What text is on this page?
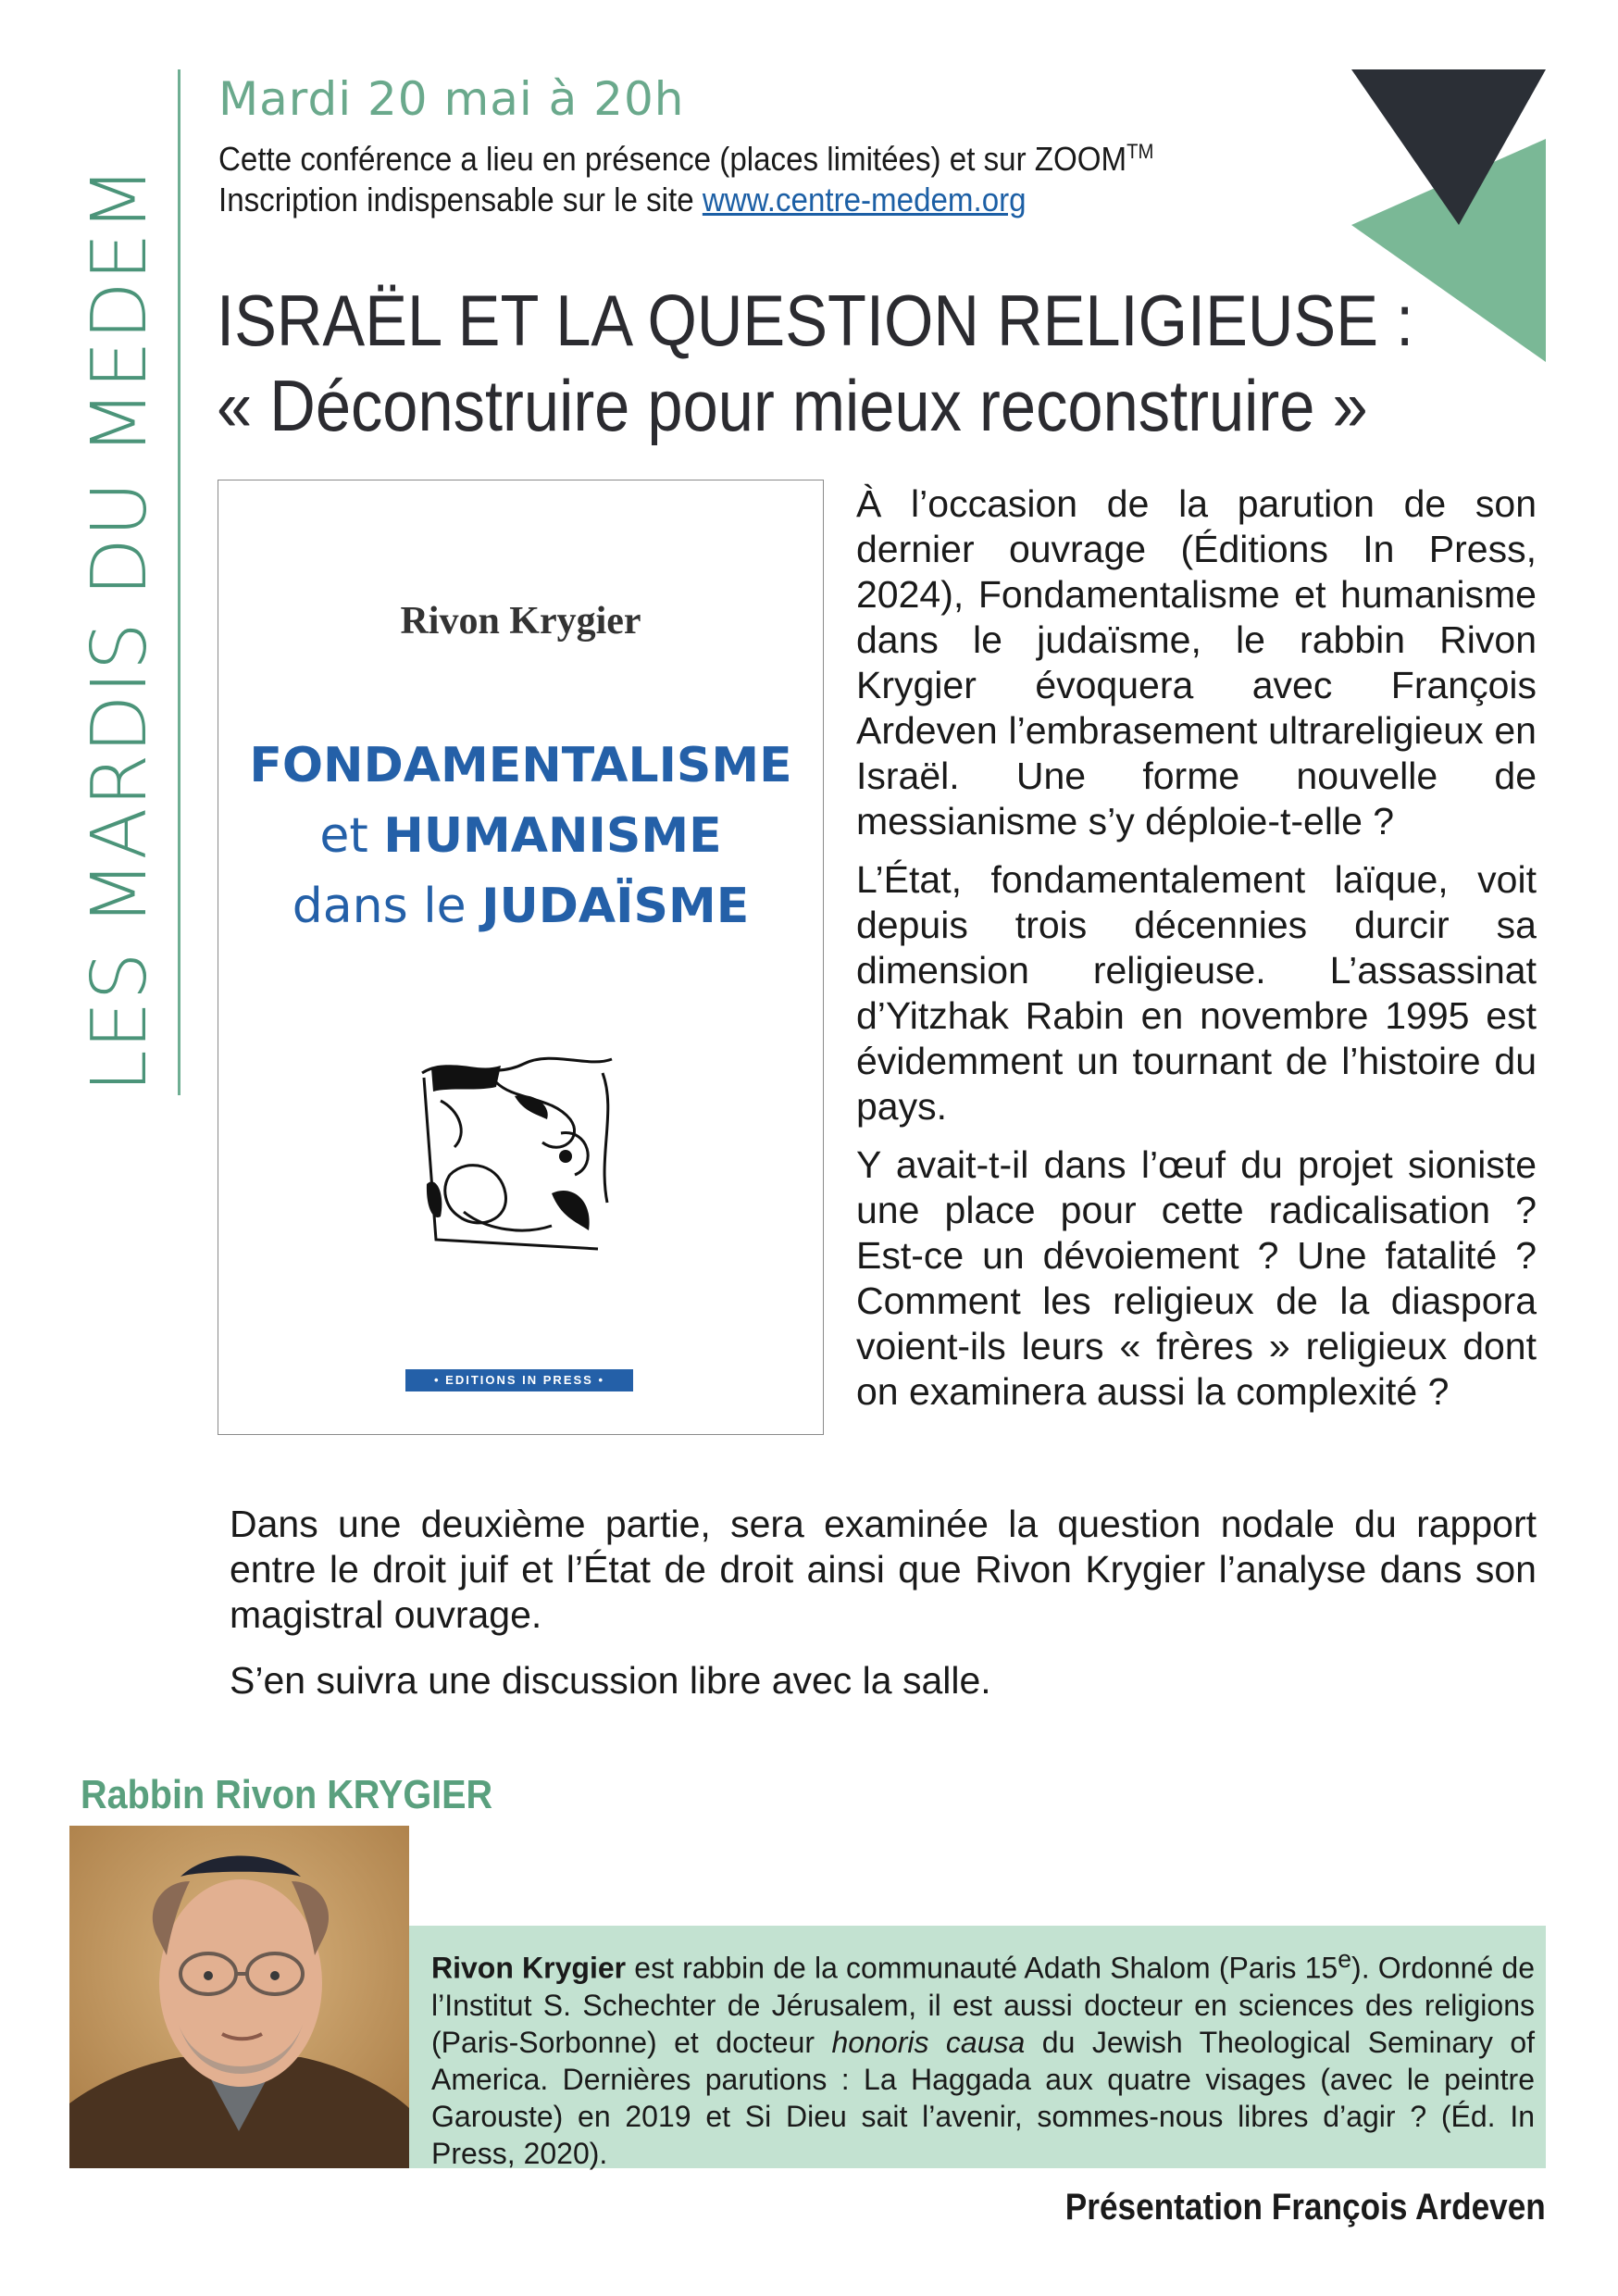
LES MARDIS DU MEDEM
Mardi 20 mai à 20h
Cette conférence a lieu en présence (places limitées) et sur ZOOM™
Inscription indispensable sur le site www.centre-medem.org
ISRAËL ET LA QUESTION RELIGIEUSE :
« Déconstruire pour mieux reconstruire »
Rivon Krygier
FONDAMENTALISME
et HUMANISME
dans le JUDAÏSME
• EDITIONS IN PRESS •

À l’occasion de la parution de son dernier ouvrage (Éditions In Press, 2024), Fondamentalisme et humanisme dans le judaïsme, le rabbin Rivon Krygier évoquera avec François Ardeven l’embrasement ultrareligieux en Israël. Une forme nouvelle de messianisme s’y déploie-t-elle ?

L’État, fondamentalement laïque, voit depuis trois décennies durcir sa dimension religieuse. L’assassinat d’Yitzhak Rabin en novembre 1995 est évidemment un tournant de l’histoire du pays.

Y avait-t-il dans l’œuf du projet sioniste une place pour cette radicalisation ? Est-ce un dévoiement ? Une fatalité ? Comment les religieux de la diaspora voient-ils leurs « frères » religieux dont on examinera aussi la complexité ?

Dans une deuxième partie, sera examinée la question nodale du rapport entre le droit juif et l’État de droit ainsi que Rivon Krygier l’analyse dans son magistral ouvrage.

S’en suivra une discussion libre avec la salle.

Rabbin Rivon KRYGIER
Rivon Krygier est rabbin de la communauté Adath Shalom (Paris 15e). Ordonné de l’Institut S. Schechter de Jérusalem, il est aussi docteur en sciences des religions (Paris-Sorbonne) et docteur honoris causa du Jewish Theological Seminary of America. Dernières parutions : La Haggada aux quatre visages (avec le peintre Garouste) en 2019 et Si Dieu sait l’avenir, sommes-nous libres d’agir ? (Éd. In Press, 2020).
Présentation François Ardeven
